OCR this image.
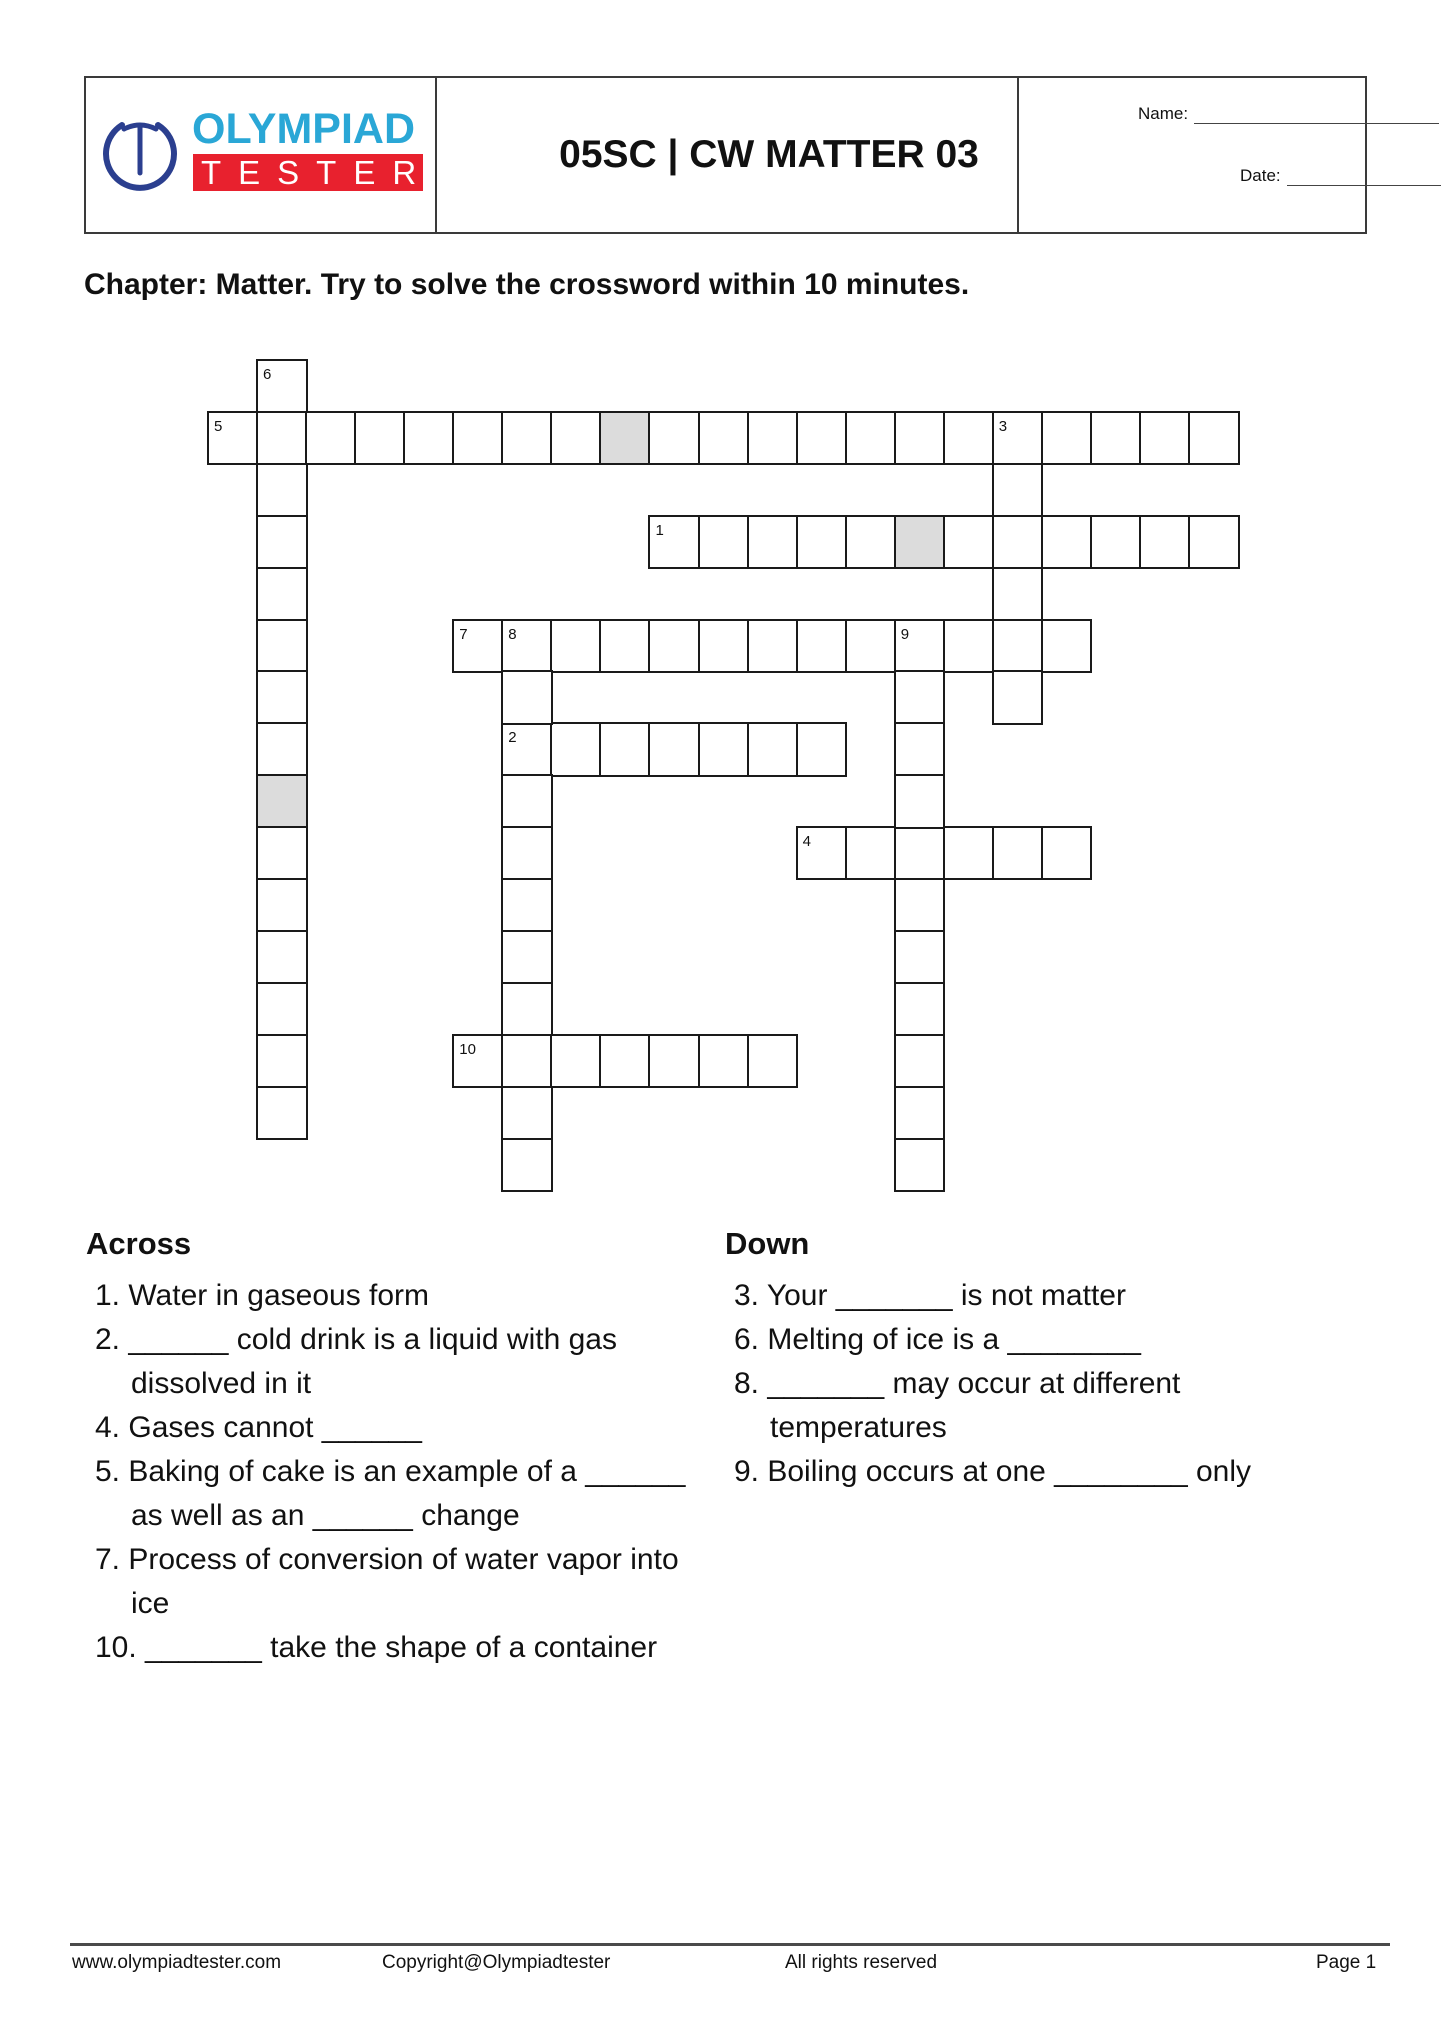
OLYMPIAD
TESTER	05SC | CW MATTER 03
Name:
Date:
Chapter: Matter. Try to solve the crossword within 10 minutes.
5	3
1
7	8	9
2
4
10
6
Across
1. Water in gaseous form
2. ______ cold drink is a liquid with gas dissolved in it
4. Gases cannot ______
5. Baking of cake is an example of a ______ as well as an ______ change
7. Process of conversion of water vapor into ice
10. _______ take the shape of a container
Down
3. Your _______ is not matter
6. Melting of ice is a ________
8. _______ may occur at different temperatures
9. Boiling occurs at one ________ only
www.olympiadtester.com	Copyright@Olympiadtester	All rights reserved	Page 1
